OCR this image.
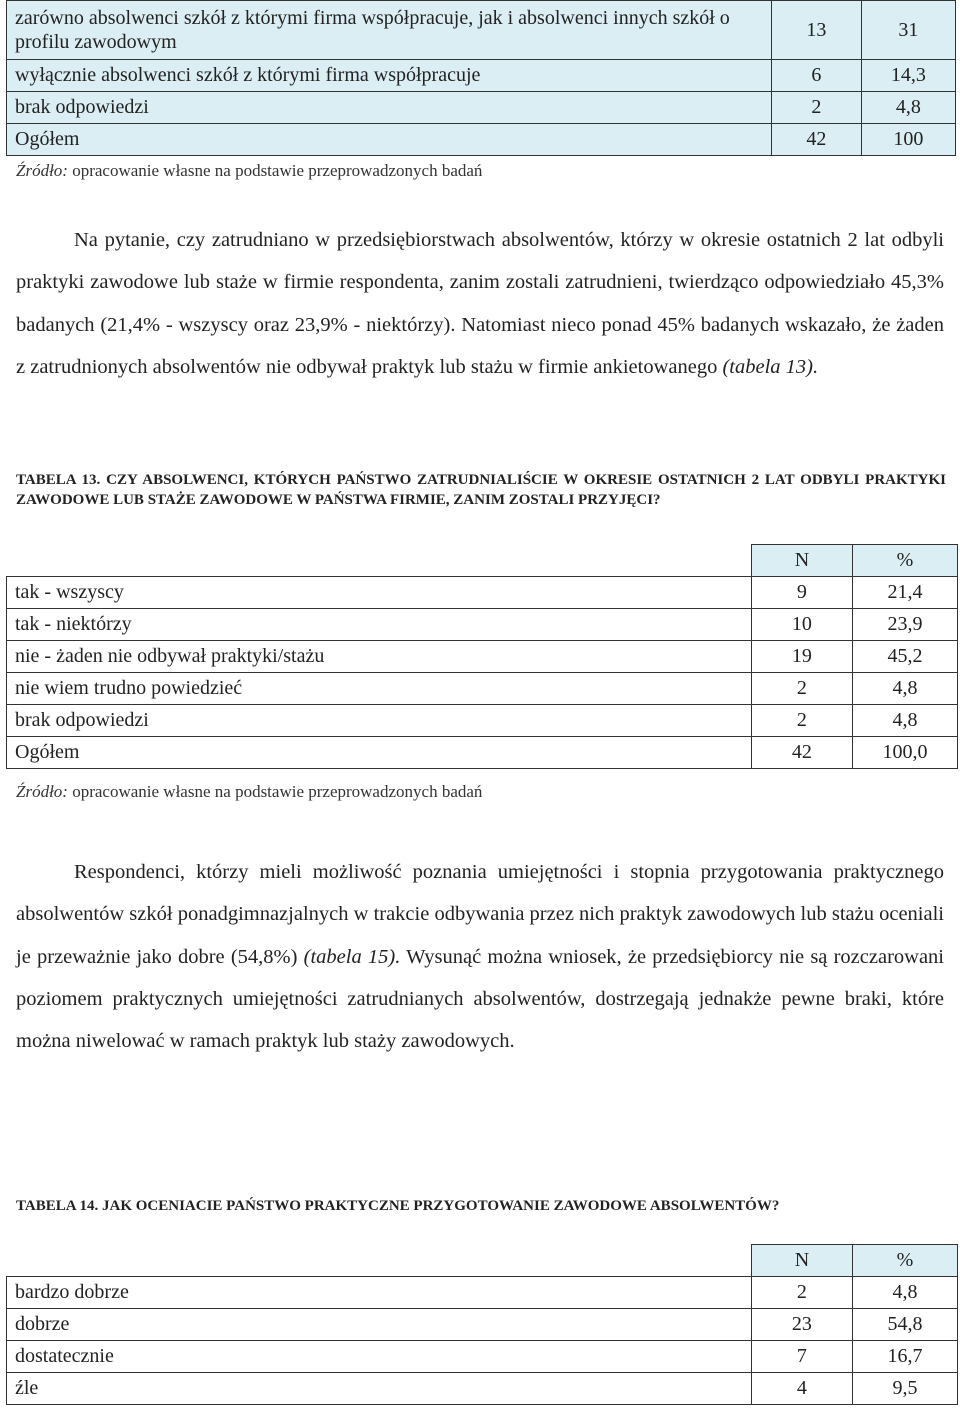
zarówno absolwenci szkół z którymi firma współpracuje, jak i absolwenci innych szkół o profilu zawodowym	13	31
wyłącznie absolwenci szkół z którymi firma współpracuje	6	14,3
brak odpowiedzi	2	4,8
Ogółem	42	100
Źródło: opracowanie własne na podstawie przeprowadzonych badań

Na pytanie, czy zatrudniano w przedsiębiorstwach absolwentów, którzy w okresie ostatnich 2 lat odbyli praktyki zawodowe lub staże w firmie respondenta, zanim zostali zatrudnieni, twierdząco odpowiedziało 45,3% badanych (21,4% - wszyscy oraz 23,9% - niektórzy). Natomiast nieco ponad 45% badanych wskazało, że żaden z zatrudnionych absolwentów nie odbywał praktyk lub stażu w firmie ankietowanego (tabela 13).

TABELA 13. CZY ABSOLWENCI, KTÓRYCH PAŃSTWO ZATRUDNIALIŚCIE W OKRESIE OSTATNICH 2 LAT ODBYLI PRAKTYKI ZAWODOWE LUB STAŻE ZAWODOWE W PAŃSTWA FIRMIE, ZANIM ZOSTALI PRZYJĘCI?
	N	%
tak - wszyscy	9	21,4
tak - niektórzy	10	23,9
nie - żaden nie odbywał praktyki/stażu	19	45,2
nie wiem trudno powiedzieć	2	4,8
brak odpowiedzi	2	4,8
Ogółem	42	100,0
Źródło: opracowanie własne na podstawie przeprowadzonych badań

Respondenci, którzy mieli możliwość poznania umiejętności i stopnia przygotowania praktycznego absolwentów szkół ponadgimnazjalnych w trakcie odbywania przez nich praktyk zawodowych lub stażu oceniali je przeważnie jako dobre (54,8%) (tabela 15). Wysunąć można wniosek, że przedsiębiorcy nie są rozczarowani poziomem praktycznych umiejętności zatrudnianych absolwentów, dostrzegają jednakże pewne braki, które można niwelować w ramach praktyk lub staży zawodowych.

TABELA 14. JAK OCENIACIE PAŃSTWO PRAKTYCZNE PRZYGOTOWANIE ZAWODOWE ABSOLWENTÓW?
	N	%
bardzo dobrze	2	4,8
dobrze	23	54,8
dostatecznie	7	16,7
źle	4	9,5
